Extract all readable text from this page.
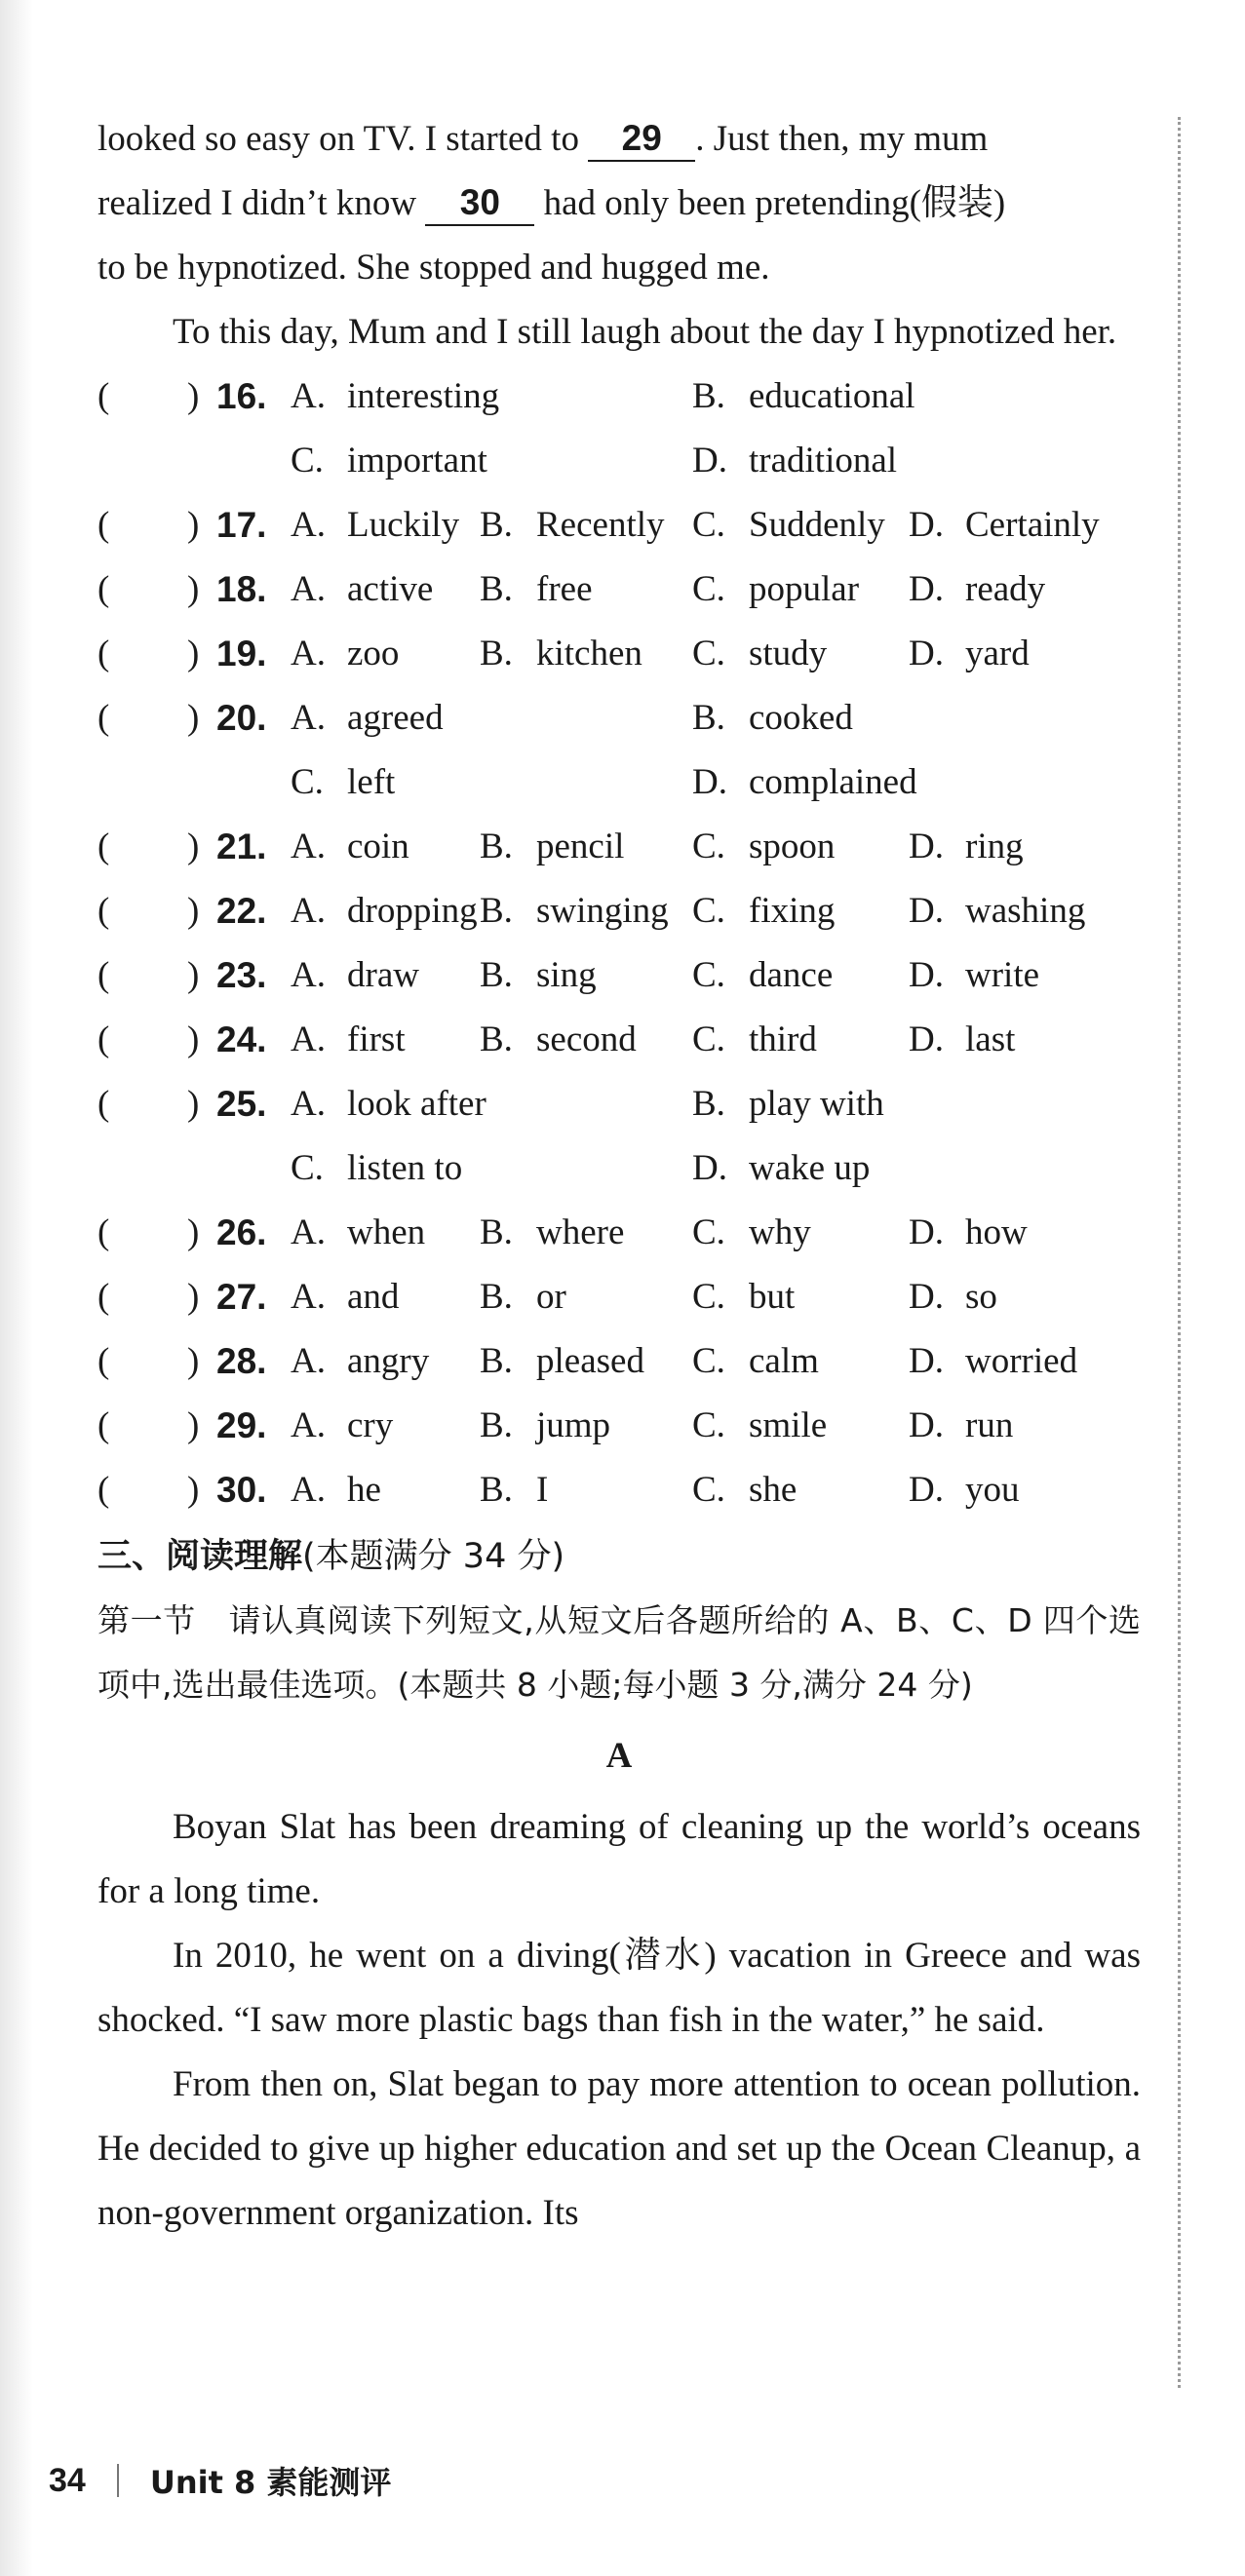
looked so easy on TV. I started to 29 . Just then, my mum
realized I didn’t know 30 had only been pretending(假装)
to be hypnotized. She stopped and hugged me.

To this day, Mum and I still laugh about the day I hypnotized her.

( ) 16. A. interesting	B. educational
C. important	D. traditional
( ) 17. A. Luckily B. Recently C. Suddenly D. Certainly
( ) 18. A. active B. free	C. popular D. ready
( ) 19. A. zoo B. kitchen C. study D. yard
( ) 20. A. agreed	B. cooked
C. left	D. complained
( ) 21. A. coin B. pencil C. spoon D. ring
( ) 22. A. dropping B. swinging C. fixing D. washing
( ) 23. A. draw B. sing	C. dance D. write
( ) 24. A. first B. second C. third	D. last
( ) 25. A. look after	B. play with
C. listen to	D. wake up
( ) 26. A. when B. where C. why	D. how
( ) 27. A. and B. or	C. but	D. so
( ) 28. A. angry B. pleased C. calm D. worried
( ) 29. A. cry B. jump C. smile D. run
( ) 30. A. he	B. I	C. she	D. you
三、阅读理解(本题满分 34 分)

第一节　请认真阅读下列短文,从短文后各题所给的 A、B、C、D 四个选项中,选出最佳选项。(本题共 8 小题;每小题 3 分,满分 24 分)

A

Boyan Slat has been dreaming of cleaning up the world’s oceans for a long time.

In 2010, he went on a diving(潜水) vacation in Greece and was shocked. “I saw more plastic bags than fish in the water,” he said.

From then on, Slat began to pay more attention to ocean pollution. He decided to give up higher education and set up the Ocean Cleanup, a non-government organization. Its

34 Unit 8 素能测评
